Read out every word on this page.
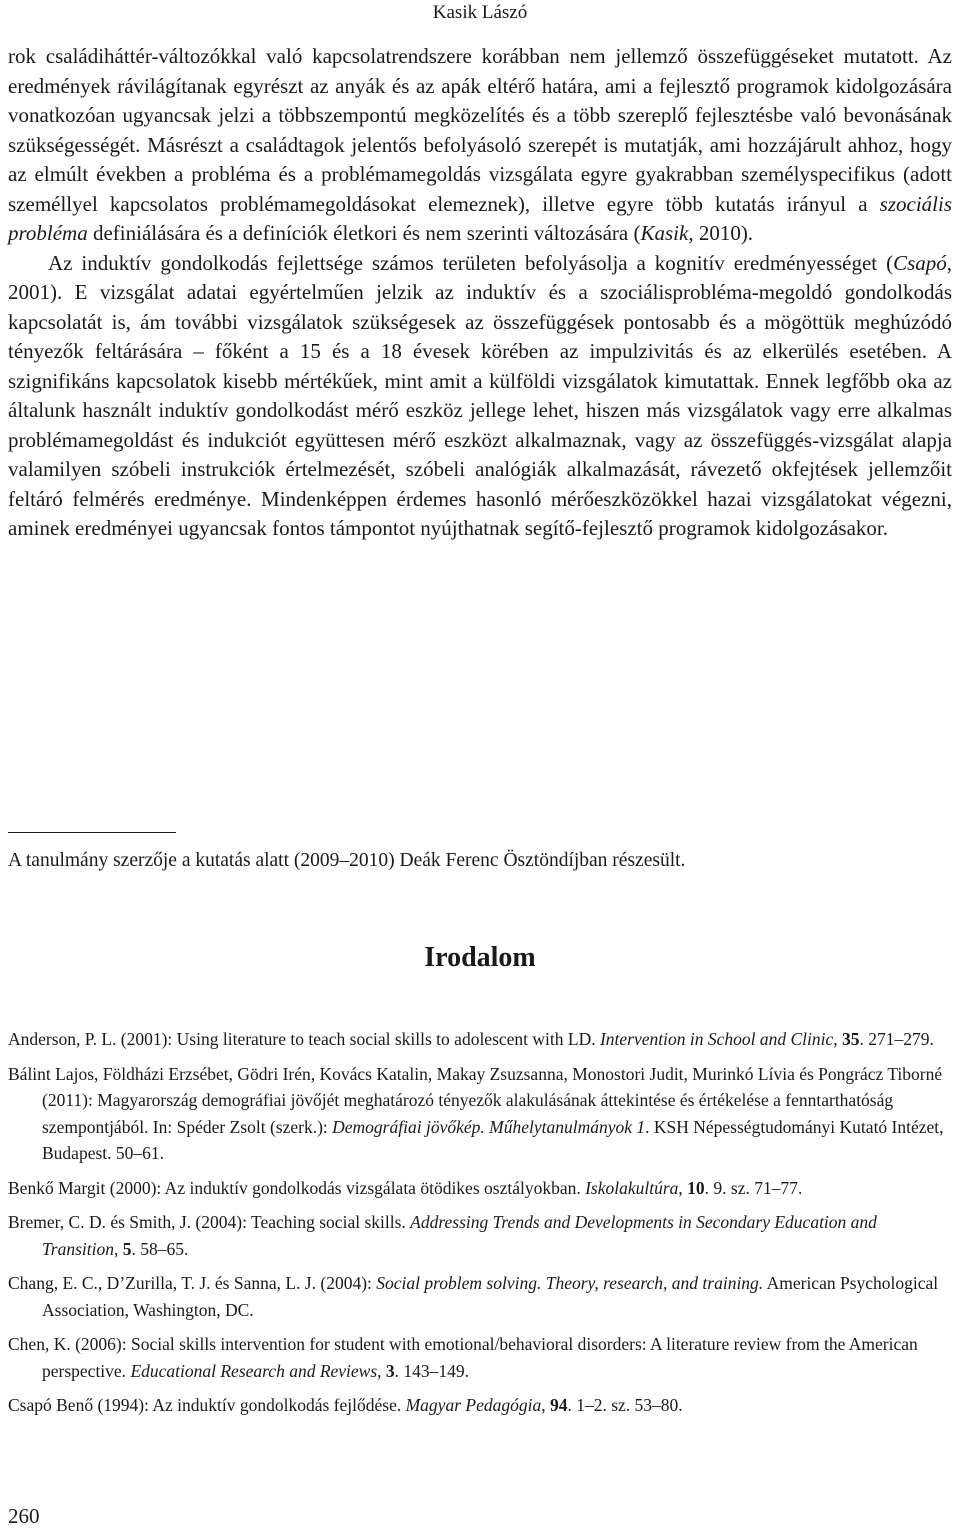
Kasik Lászó

rok családiháttér-változókkal való kapcsolatrendszere korábban nem jellemző összefüggéseket mutatott. Az eredmények rávilágítanak egyrészt az anyák és az apák eltérő határa, ami a fejlesztő programok kidolgozására vonatkozóan ugyancsak jelzi a többszempontú megközelítés és a több szereplő fejlesztésbe való bevonásának szükségességét. Másrészt a családtagok jelentős befolyásoló szerepét is mutatják, ami hozzájárult ahhoz, hogy az elmúlt években a probléma és a problémamegoldás vizsgálata egyre gyakrabban személyspecifikus (adott személlyel kapcsolatos problémamegoldásokat elemeznek), illetve egyre több kutatás irányul a szociális probléma definiálására és a definíciók életkori és nem szerinti változására (Kasik, 2010).

Az induktív gondolkodás fejlettsége számos területen befolyásolja a kognitív eredményességet (Csapó, 2001). E vizsgálat adatai egyértelműen jelzik az induktív és a szociálisprobléma-megoldó gondolkodás kapcsolatát is, ám további vizsgálatok szükségesek az összefüggések pontosabb és a mögöttük meghúzódó tényezők feltárására – főként a 15 és a 18 évesek körében az impulzivitás és az elkerülés esetében. A szignifikáns kapcsolatok kisebb mértékűek, mint amit a külföldi vizsgálatok kimutattak. Ennek legfőbb oka az általunk használt induktív gondolkodást mérő eszköz jellege lehet, hiszen más vizsgálatok vagy erre alkalmas problémamegoldást és indukciót együttesen mérő eszközt alkalmaznak, vagy az összefüggés-vizsgálat alapja valamilyen szóbeli instrukciók értelmezését, szóbeli analógiák alkalmazását, rávezető okfejtések jellemzőit feltáró felmérés eredménye. Mindenképpen érdemes hasonló mérőeszközökkel hazai vizsgálatokat végezni, aminek eredményei ugyancsak fontos támpontot nyújthatnak segítő-fejlesztő programok kidolgozásakor.

A tanulmány szerzője a kutatás alatt (2009–2010) Deák Ferenc Ösztöndíjban részesült.
Irodalom

Anderson, P. L. (2001): Using literature to teach social skills to adolescent with LD. Intervention in School and Clinic, 35. 271–279.

Bálint Lajos, Földházi Erzsébet, Gödri Irén, Kovács Katalin, Makay Zsuzsanna, Monostori Judit, Murinkó Lívia és Pongrácz Tiborné (2011): Magyarország demográfiai jövőjét meghatározó tényezők alakulásának áttekintése és értékelése a fenntarthatóság szempontjából. In: Spéder Zsolt (szerk.): Demográfiai jövőkép. Műhelytanulmányok 1. KSH Népességtudományi Kutató Intézet, Budapest. 50–61.

Benkő Margit (2000): Az induktív gondolkodás vizsgálata ötödikes osztályokban. Iskolakultúra, 10. 9. sz. 71–77.

Bremer, C. D. és Smith, J. (2004): Teaching social skills. Addressing Trends and Developments in Secondary Education and Transition, 5. 58–65.

Chang, E. C., D’Zurilla, T. J. és Sanna, L. J. (2004): Social problem solving. Theory, research, and training. American Psychological Association, Washington, DC.

Chen, K. (2006): Social skills intervention for student with emotional/behavioral disorders: A literature review from the American perspective. Educational Research and Reviews, 3. 143–149.

Csapó Benő (1994): Az induktív gondolkodás fejlődése. Magyar Pedagógia, 94. 1–2. sz. 53–80.

260
